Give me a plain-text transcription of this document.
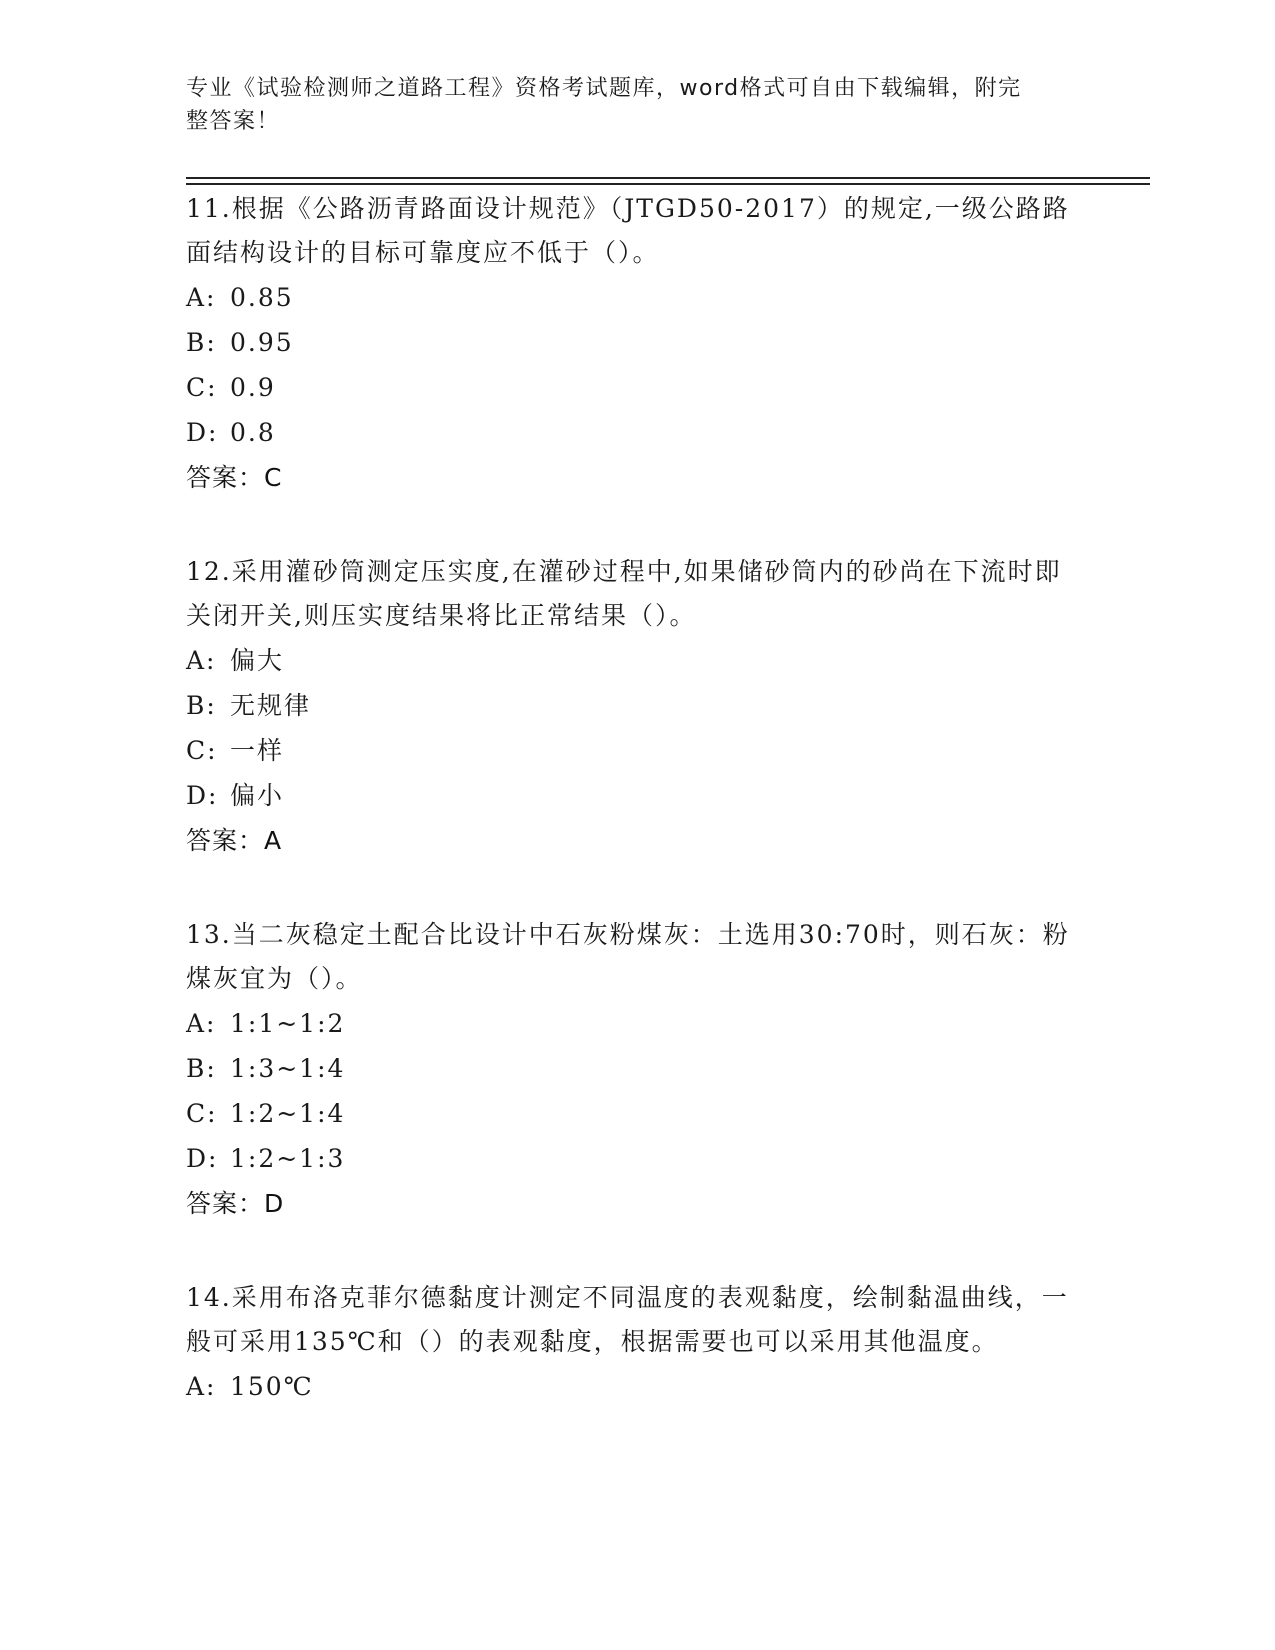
专业《试验检测师之道路工程》资格考试题库，word格式可自由下载编辑，附完
整答案！
11.根据《公路沥青路面设计规范》（JTGD50-2017）的规定,一级公路路面结构设计的目标可靠度应不低于（）。
A: 0.85
B: 0.95
C: 0.9
D: 0.8
答案：C
12.采用灌砂筒测定压实度,在灌砂过程中,如果储砂筒内的砂尚在下流时即关闭开关,则压实度结果将比正常结果（）。
A: 偏大
B: 无规律
C: 一样
D: 偏小
答案：A
13.当二灰稳定土配合比设计中石灰粉煤灰：土选用30:70时，则石灰：粉煤灰宜为（）。
A: 1:1~1:2
B: 1:3~1:4
C: 1:2~1:4
D: 1:2~1:3
答案：D
14.采用布洛克菲尔德黏度计测定不同温度的表观黏度，绘制黏温曲线，一般可采用135℃和（）的表观黏度，根据需要也可以采用其他温度。
A: 150℃
